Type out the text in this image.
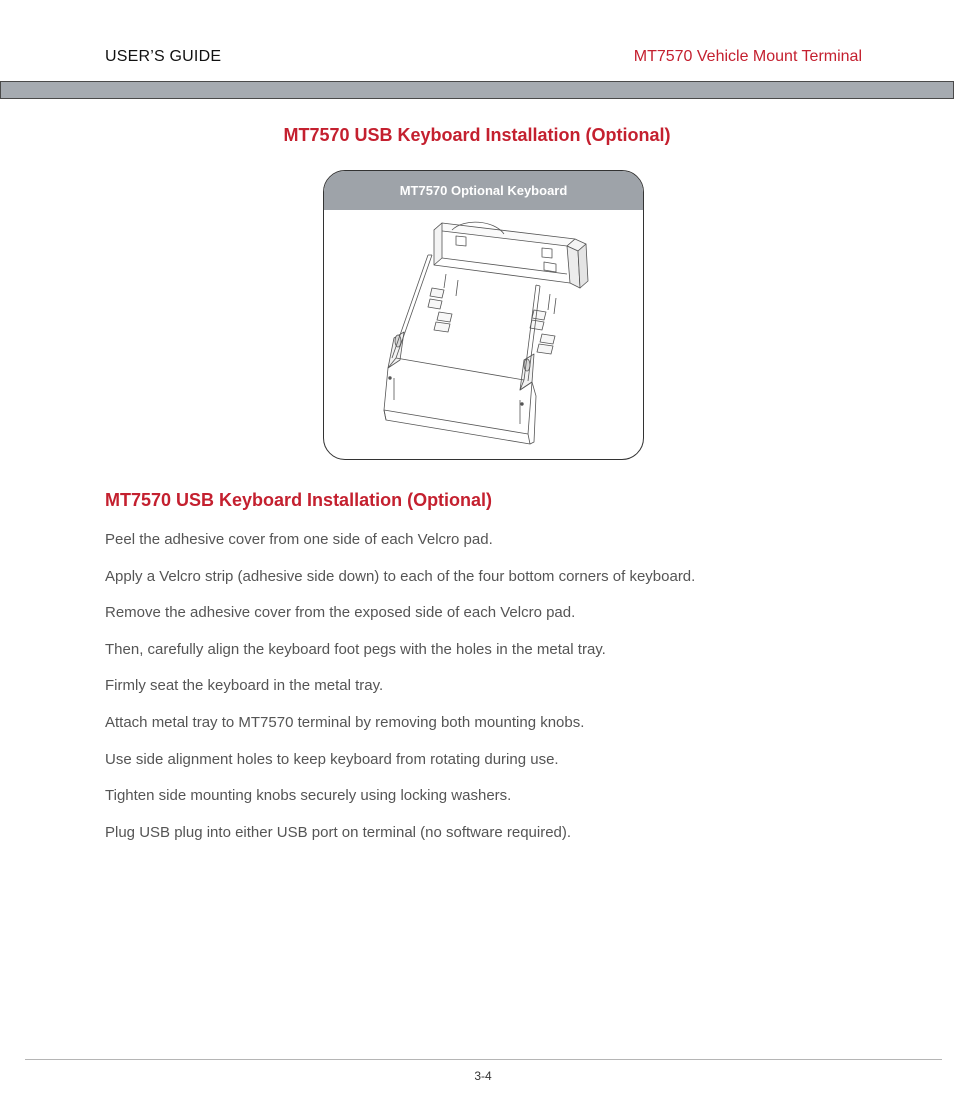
USER’S GUIDE	MT7570 Vehicle Mount Terminal
MT7570 USB Keyboard Installation (Optional)
MT7570 Optional Keyboard
MT7570 USB Keyboard Installation (Optional)
Peel the adhesive cover from one side of each Velcro pad.
Apply a Velcro strip (adhesive side down) to each of the four bottom corners of keyboard.
Remove the adhesive cover from the exposed side of each Velcro pad.
Then, carefully align the keyboard foot pegs with the holes in the metal tray.
Firmly seat the keyboard in the metal tray.
Attach metal tray to MT7570 terminal by removing both mounting knobs.
Use side alignment holes to keep keyboard from rotating during use.
Tighten side mounting knobs securely using locking washers.
Plug USB plug into either USB port on terminal (no software required).
3-4
